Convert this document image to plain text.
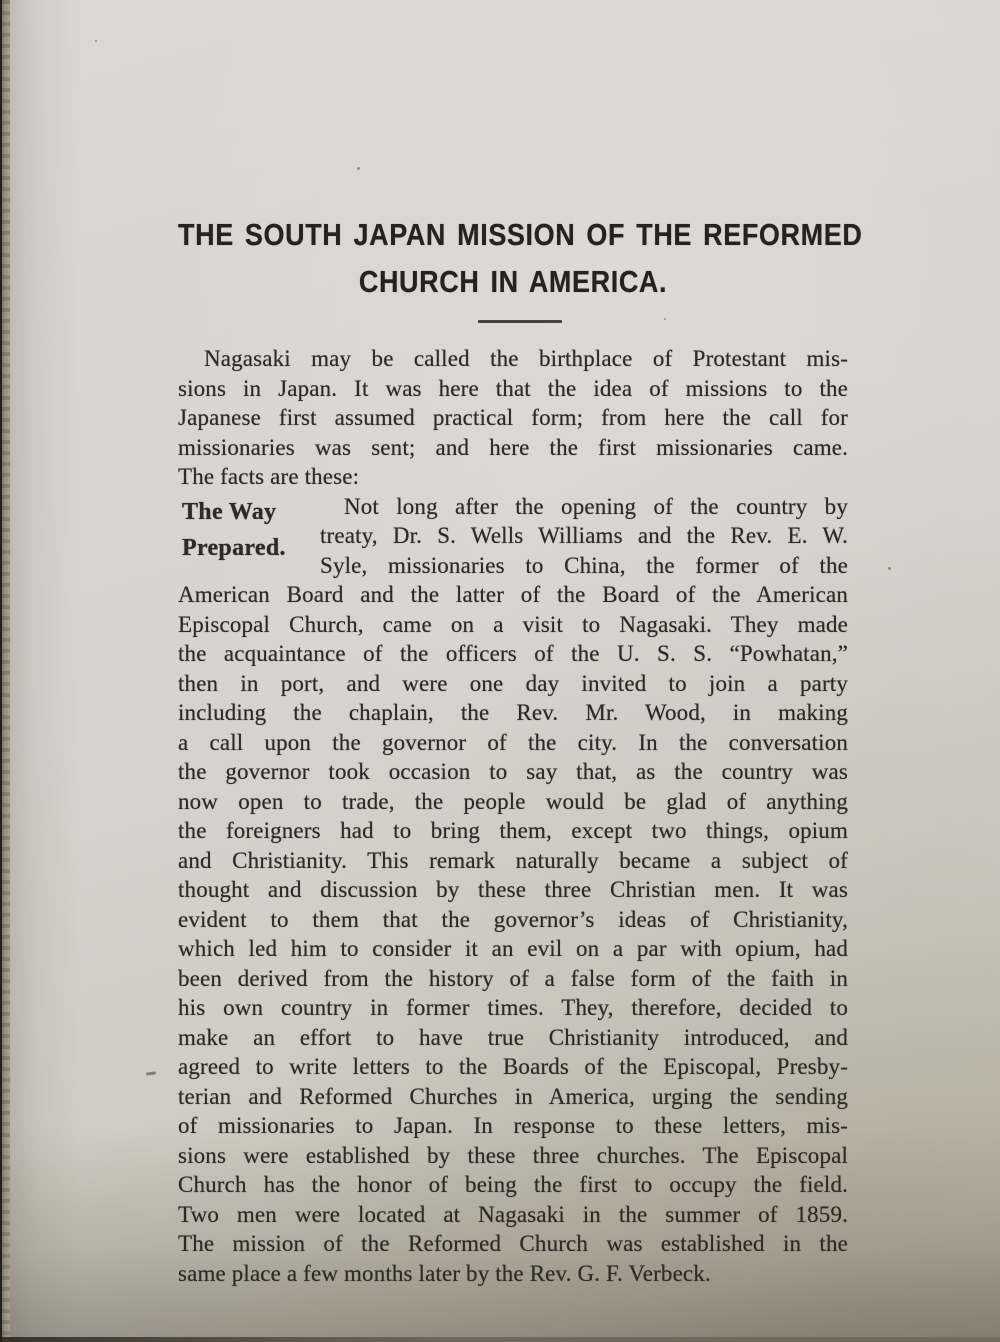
THE SOUTH JAPAN MISSION OF THE REFORMED
CHURCH IN AMERICA.
Nagasaki may be called the birthplace of Protestant mis-
sions in Japan. It was here that the idea of missions to the
Japanese first assumed practical form; from here the call for
missionaries was sent; and here the first missionaries came.
The facts are these:
The Way
Prepared.
Not long after the opening of the country by
treaty, Dr. S. Wells Williams and the Rev. E. W.
Syle, missionaries to China, the former of the
American Board and the latter of the Board of the American
Episcopal Church, came on a visit to Nagasaki. They made
the acquaintance of the officers of the U. S. S. “Powhatan,”
then in port, and were one day invited to join a party
including the chaplain, the Rev. Mr. Wood, in making
a call upon the governor of the city. In the conversation
the governor took occasion to say that, as the country was
now open to trade, the people would be glad of anything
the foreigners had to bring them, except two things, opium
and Christianity. This remark naturally became a subject of
thought and discussion by these three Christian men. It was
evident to them that the governor’s ideas of Christianity,
which led him to consider it an evil on a par with opium, had
been derived from the history of a false form of the faith in
his own country in former times. They, therefore, decided to
make an effort to have true Christianity introduced, and
agreed to write letters to the Boards of the Episcopal, Presby-
terian and Reformed Churches in America, urging the sending
of missionaries to Japan. In response to these letters, mis-
sions were established by these three churches. The Episcopal
Church has the honor of being the first to occupy the field.
Two men were located at Nagasaki in the summer of 1859.
The mission of the Reformed Church was established in the
same place a few months later by the Rev. G. F. Verbeck.
